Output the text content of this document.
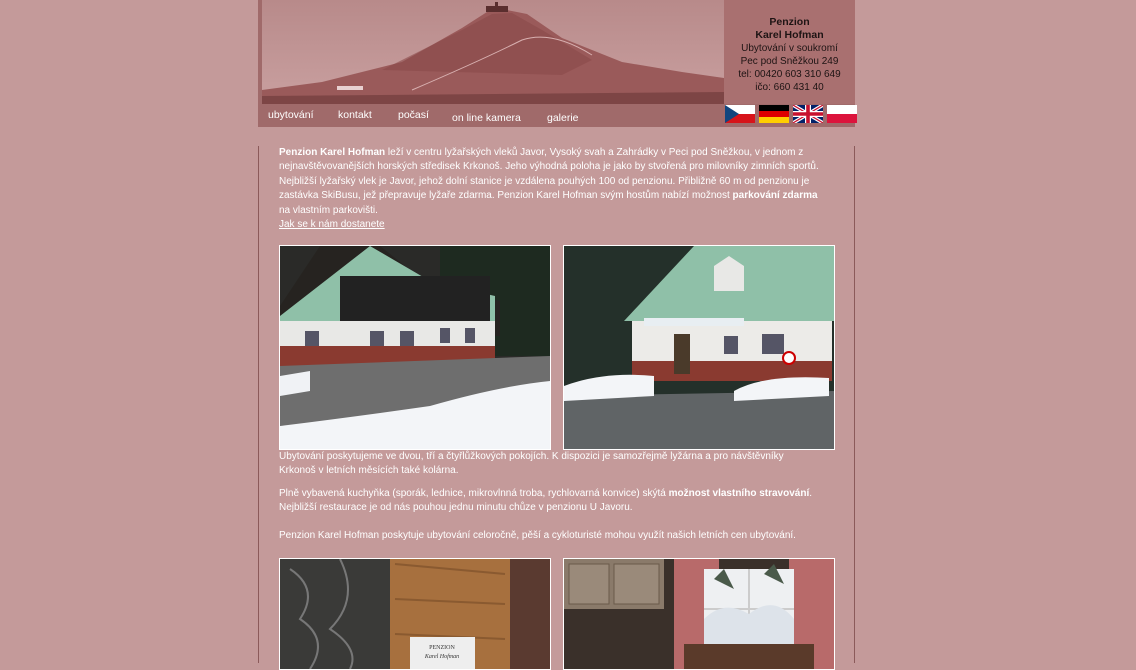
Penzion
Karel Hofman
Ubytování v soukromí
Pec pod Sněžkou 249
tel: 00420 603 310 649
ičo: 660 431 40
ubytování kontakt počasí on line kamera galerie

Penzion Karel Hofman leží v centru lyžařských vleků Javor, Vysoký svah a Zahrádky v Peci pod Sněžkou, v jednom z nejnavštěvovanějších horských středisek Krkonoš. Jeho výhodná poloha je jako by stvořená pro milovníky zimních sportů. Nejbližší lyžařský vlek je Javor, jehož dolní stanice je vzdálena pouhých 100 od penzionu. Přibližně 60 m od penzionu je zastávka SkiBusu, jež přepravuje lyžaře zdarma. Penzion Karel Hofman svým hostům nabízí možnost parkování zdarma na vlastním parkovišti.
Jak se k nám dostanete

Ubytování poskytujeme ve dvou, tří a čtyřlůžkových pokojích. K dispozici je samozřejmě lyžárna a pro návštěvníky Krkonoš v letních měsících také kolárna.

Plně vybavená kuchyňka (sporák, lednice, mikrovlnná troba, rychlovarná konvice) skýtá možnost vlastního stravování. Nejbližší restaurace je od nás pouhou jednu minutu chůze v penzionu U Javoru.

Penzion Karel Hofman poskytuje ubytování celoročně, pěší a cykloturisté mohou využít našich letních cen ubytování.

PENZION
Karel Hofman
